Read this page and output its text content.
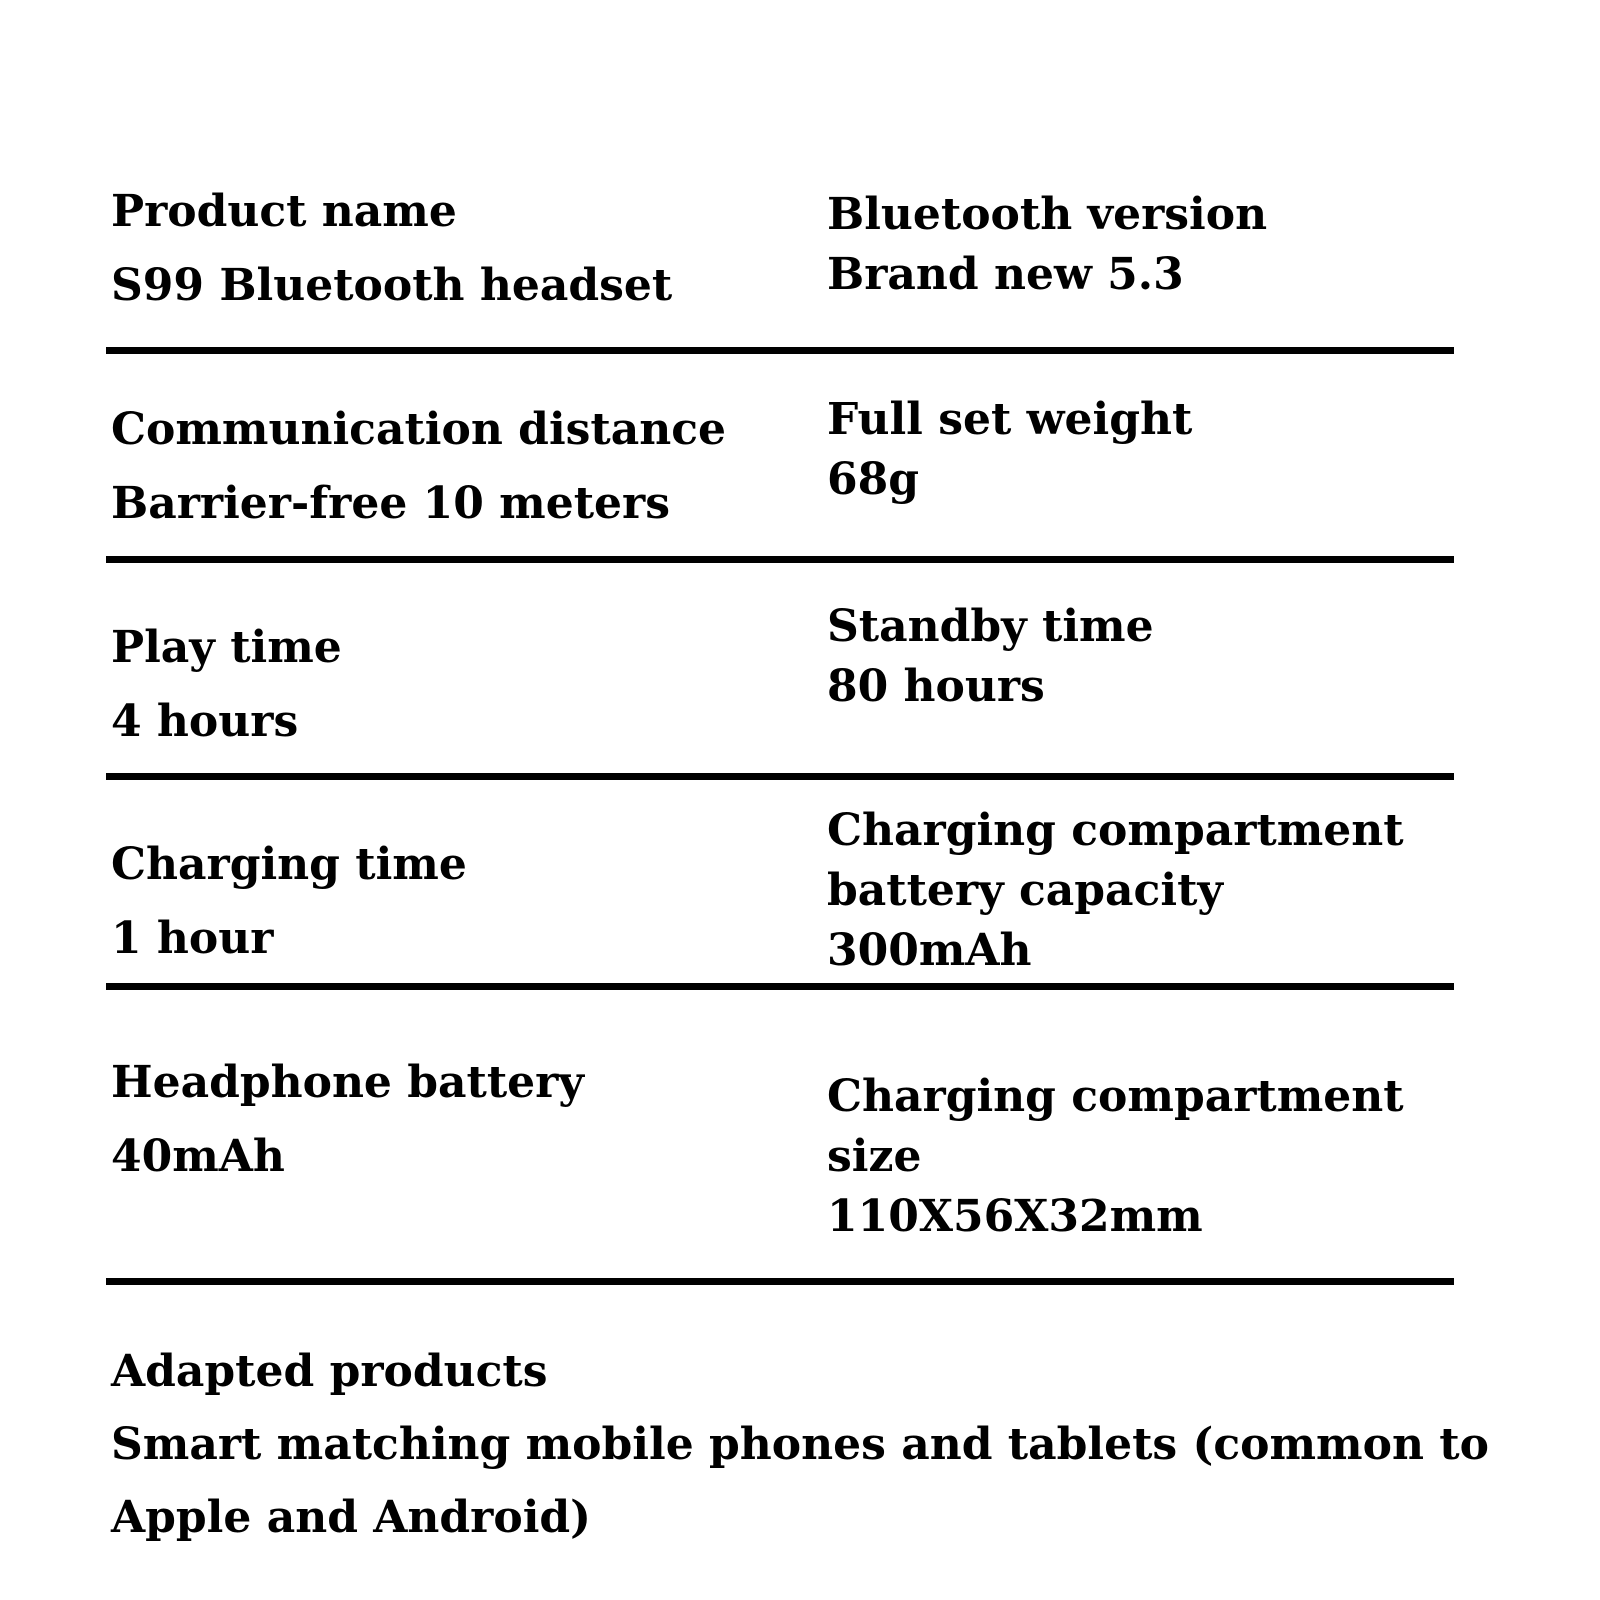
Product name
S99 Bluetooth headset
Bluetooth version
Brand new 5.3
Communication distance
Barrier-free 10 meters
Full set weight
68g
Play time
4 hours
Standby time
80 hours
Charging time
1 hour
Charging compartment
battery capacity
300mAh
Headphone battery
40mAh
Charging compartment
size
110X56X32mm
Adapted products
Smart matching mobile phones and tablets (common to
Apple and Android)
